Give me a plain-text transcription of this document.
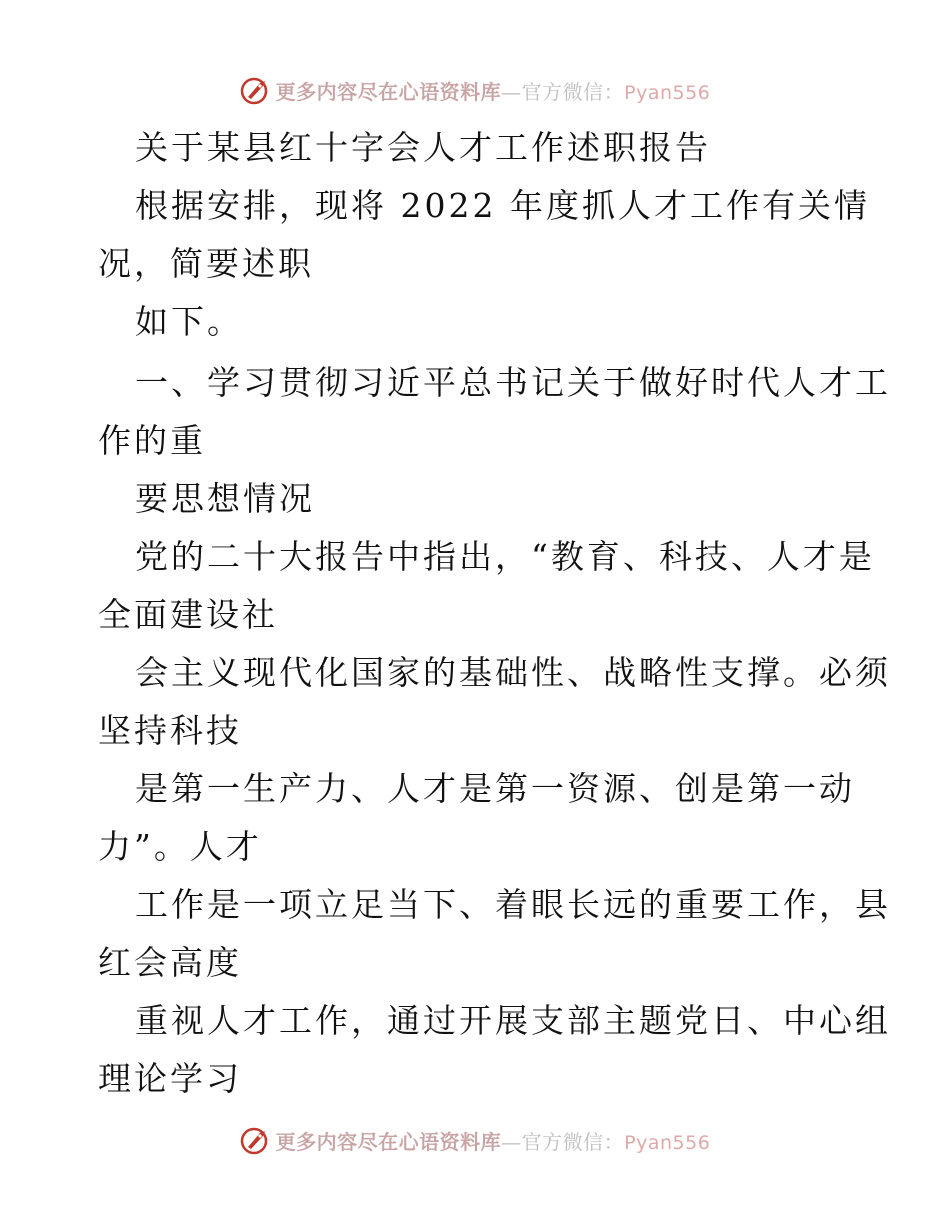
更多内容尽在心语资料库—官方微信：Pyan556
关于某县红十字会人才工作述职报告
根据安排，现将 2022 年度抓人才工作有关情
况，简要述职
如下。
一、学习贯彻习近平总书记关于做好时代人才工
作的重
要思想情况
党的二十大报告中指出，“教育、科技、人才是
全面建设社
会主义现代化国家的基础性、战略性支撑。必须
坚持科技
是第一生产力、人才是第一资源、创是第一动
力”。人才
工作是一项立足当下、着眼长远的重要工作，县
红会高度
重视人才工作，通过开展支部主题党日、中心组
理论学习
更多内容尽在心语资料库—官方微信：Pyan556
